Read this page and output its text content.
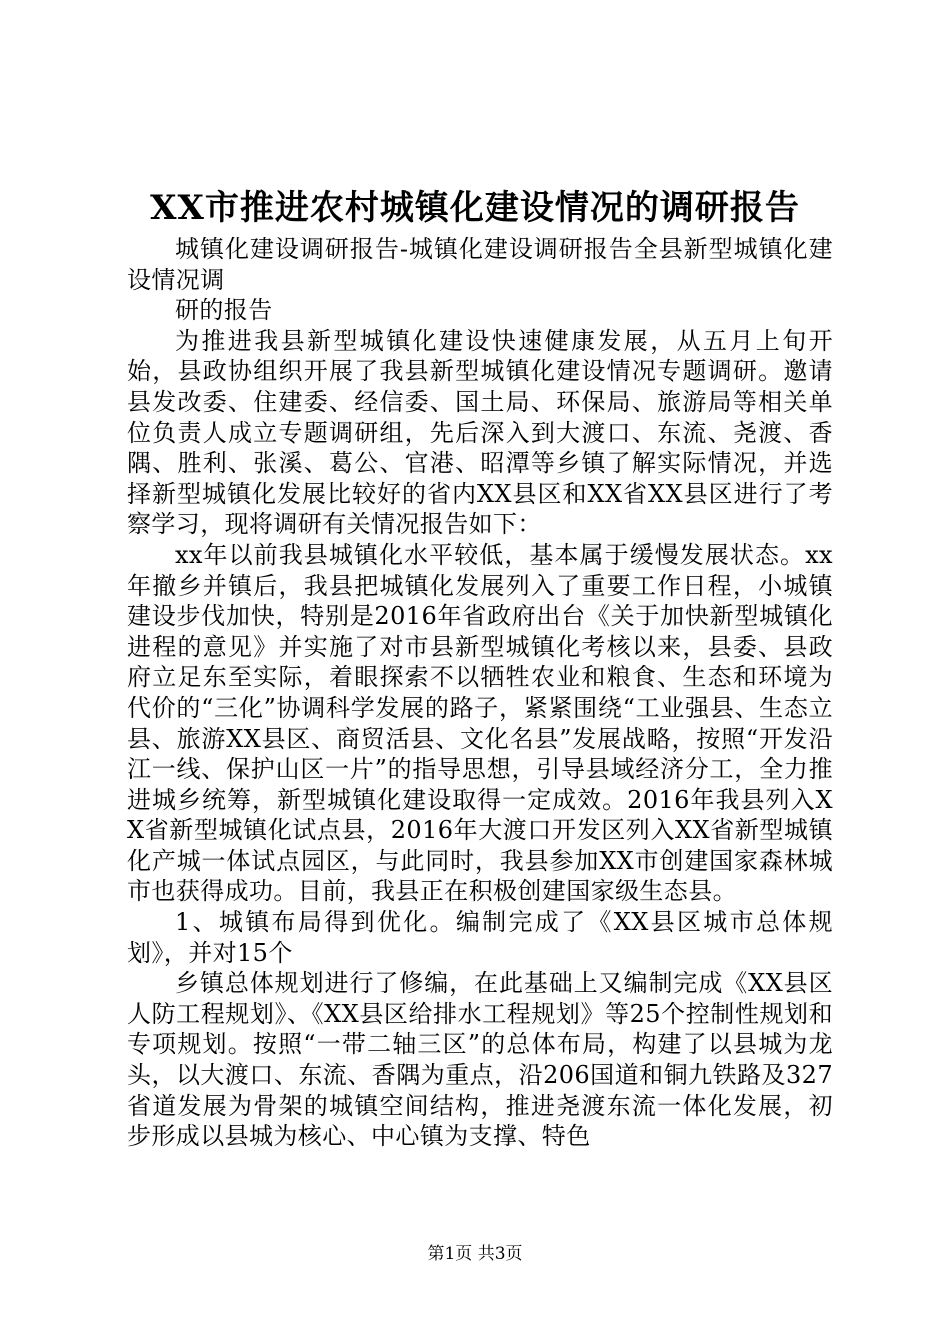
XX市推进农村城镇化建设情况的调研报告

城镇化建设调研报告-城镇化建设调研报告全县新型城镇化建设情况调

研的报告

为推进我县新型城镇化建设快速健康发展，从五月上旬开始，县政协组织开展了我县新型城镇化建设情况专题调研。邀请县发改委、住建委、经信委、国土局、环保局、旅游局等相关单位负责人成立专题调研组，先后深入到大渡口、东流、尧渡、香隅、胜利、张溪、葛公、官港、昭潭等乡镇了解实际情况，并选择新型城镇化发展比较好的省内XX县区和XX省XX县区进行了考察学习，现将调研有关情况报告如下：

xx年以前我县城镇化水平较低，基本属于缓慢发展状态。xx年撤乡并镇后，我县把城镇化发展列入了重要工作日程，小城镇建设步伐加快，特别是2016年省政府出台《关于加快新型城镇化进程的意见》并实施了对市县新型城镇化考核以来，县委、县政府立足东至实际，着眼探索不以牺牲农业和粮食、生态和环境为代价的“三化”协调科学发展的路子，紧紧围绕“工业强县、生态立县、旅游XX县区、商贸活县、文化名县”发展战略，按照“开发沿江一线、保护山区一片”的指导思想，引导县域经济分工，全力推进城乡统筹，新型城镇化建设取得一定成效。2016年我县列入XX省新型城镇化试点县，2016年大渡口开发区列入XX省新型城镇化产城一体试点园区，与此同时，我县参加XX市创建国家森林城市也获得成功。目前，我县正在积极创建国家级生态县。

1、城镇布局得到优化。编制完成了《XX县区城市总体规划》，并对15个

乡镇总体规划进行了修编，在此基础上又编制完成《XX县区人防工程规划》、《XX县区给排水工程规划》等25个控制性规划和专项规划。按照“一带二轴三区”的总体布局，构建了以县城为龙头，以大渡口、东流、香隅为重点，沿206国道和铜九铁路及327省道发展为骨架的城镇空间结构，推进尧渡东流一体化发展，初步形成以县城为核心、中心镇为支撑、特色

第1页 共3页
